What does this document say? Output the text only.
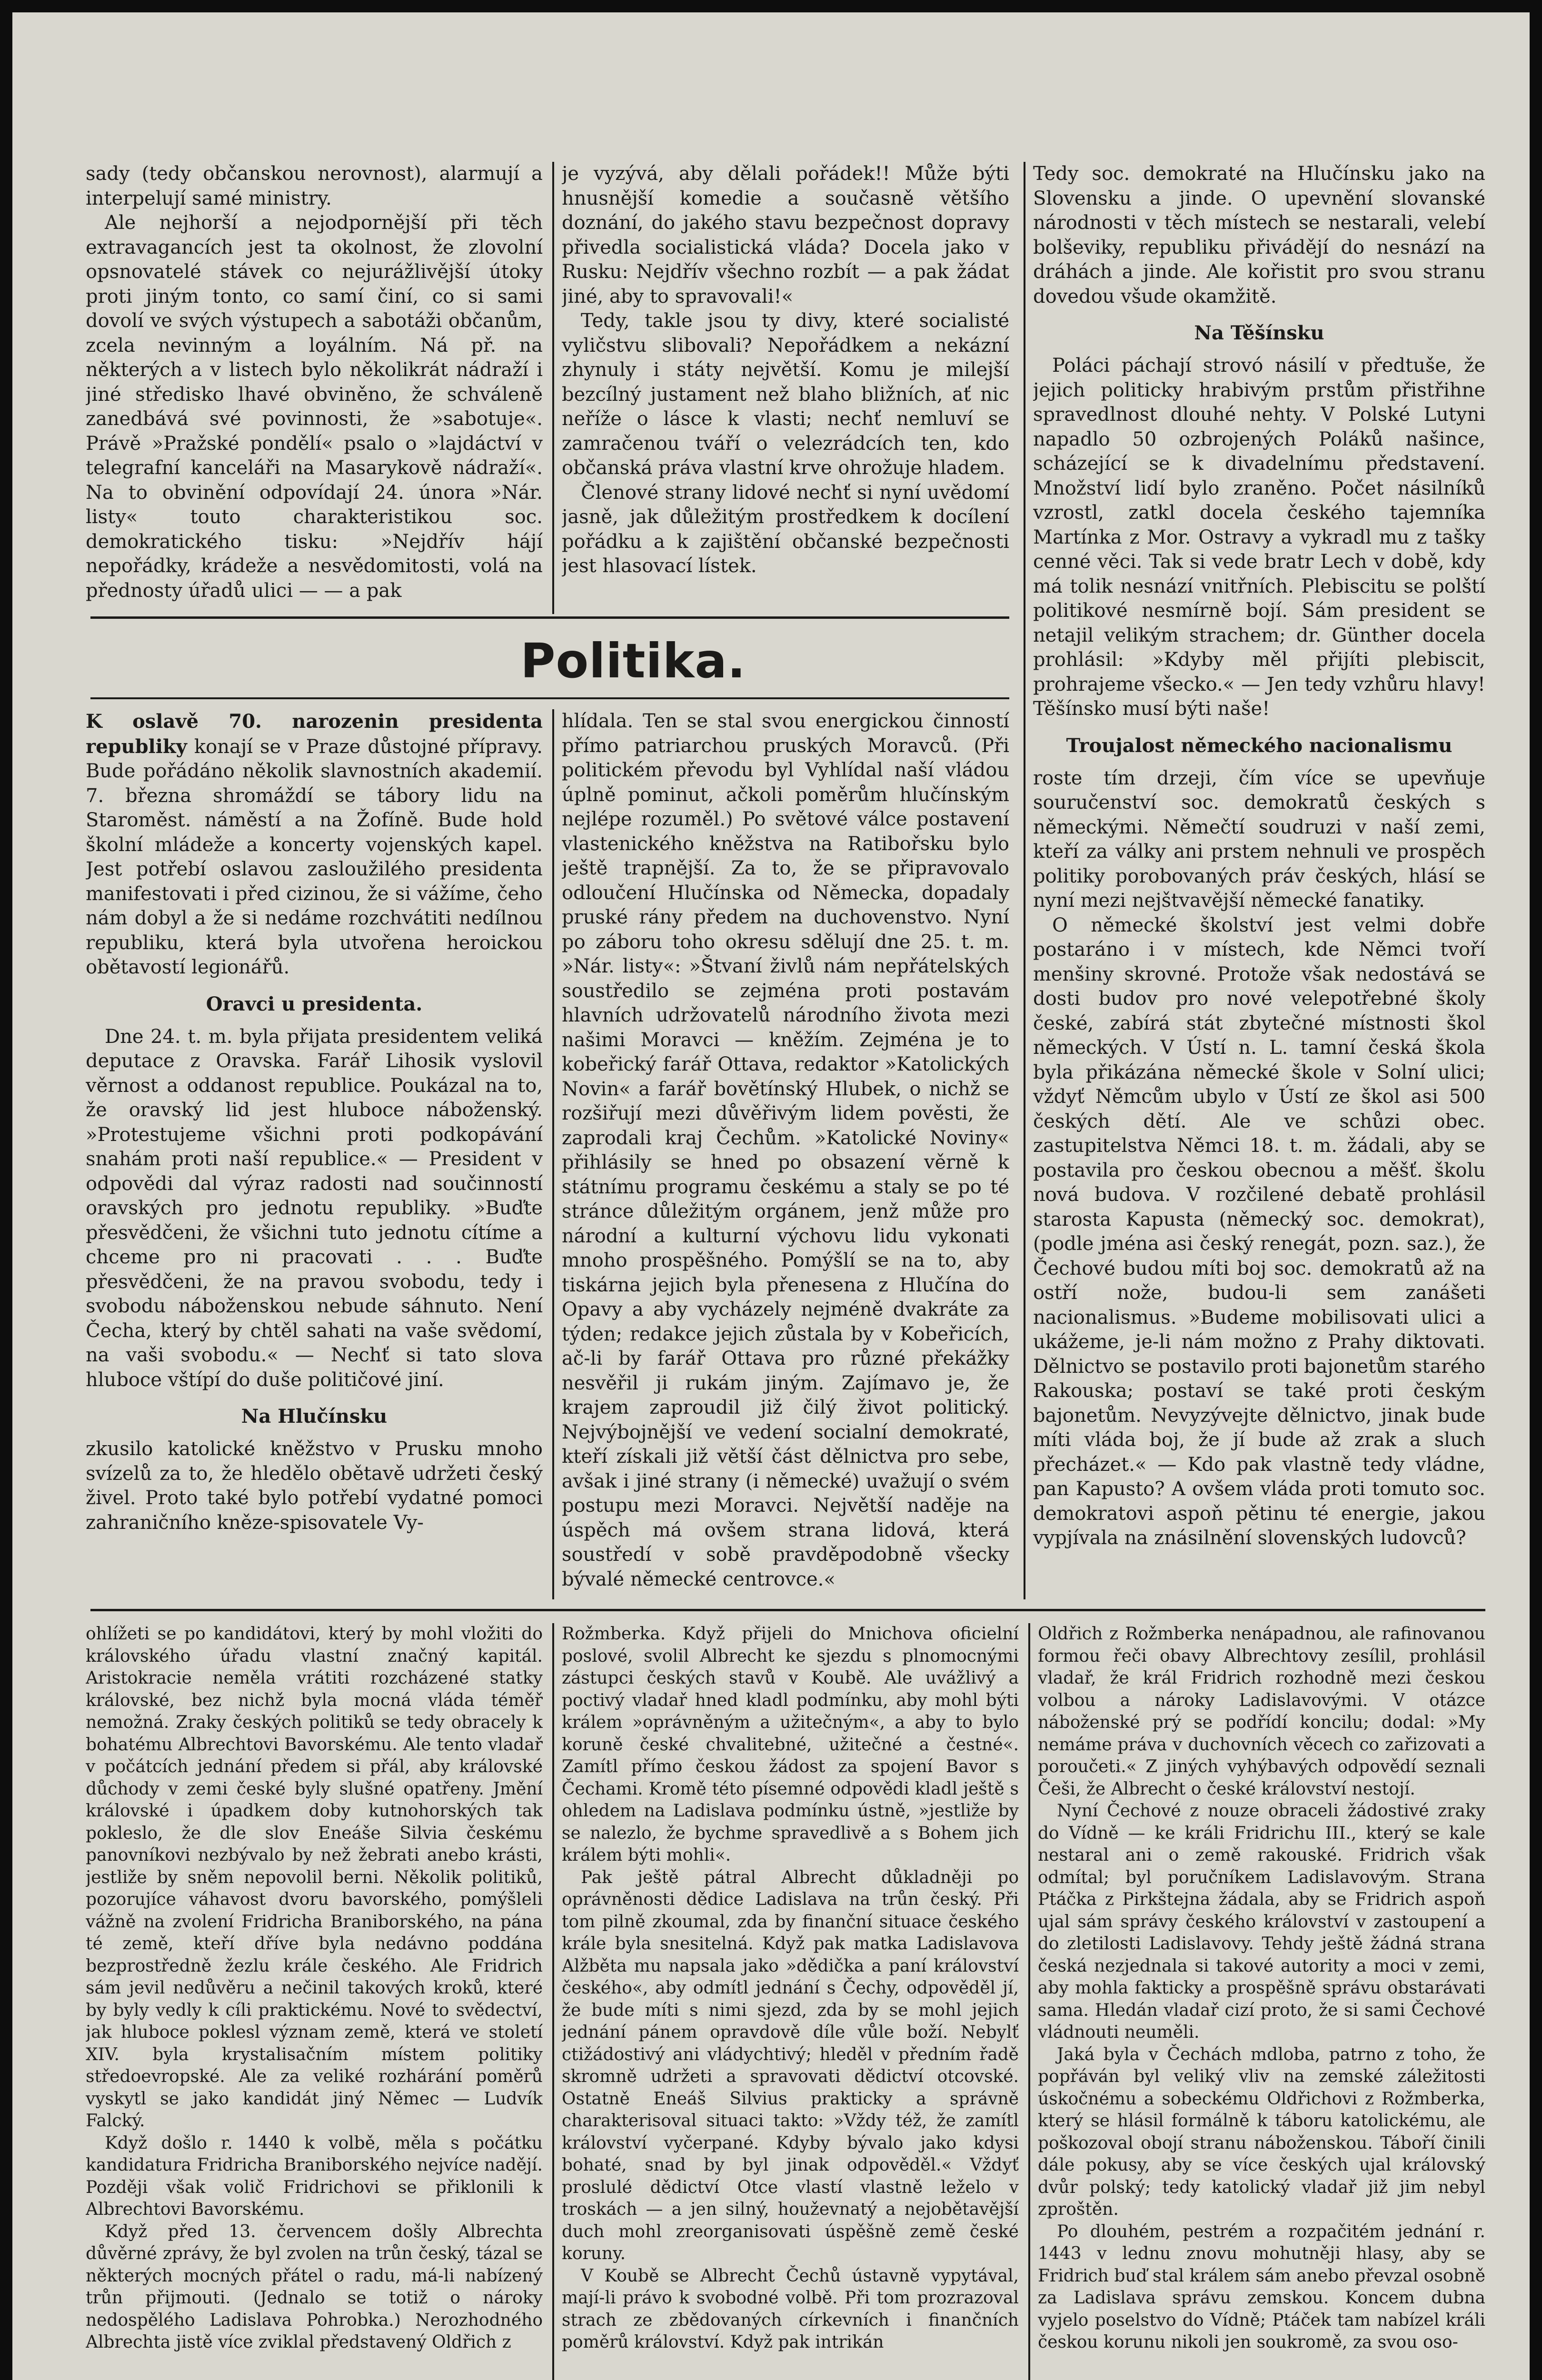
sady (tedy občanskou nerovnost), alarmují a interpelují samé ministry.

Ale nejhorší a nejodpornější při těch extravagancích jest ta okolnost, že zlovolní opsnovatelé stávek co nejurážlivější útoky proti jiným tonto, co samí činí, co si sami dovolí ve svých výstupech a sabotáži občanům, zcela nevinným a loyálním. Ná př. na některých a v listech bylo několikrát nádraží i jiné středisko lhavé obviněno, že schváleně zanedbává své povinnosti, že »sabotuje«. Právě »Pražské pondělí« psalo o »lajdáctví v telegrafní kanceláři na Masarykově nádraží«. Na to obvinění odpovídají 24. února »Nár. listy« touto charakteristikou soc. demokratického tisku: »Nejdřív hájí nepořádky, krádeže a nesvědomitosti, volá na přednosty úřadů ulici — — a pak

je vyzývá, aby dělali pořádek!! Může býti hnusnější komedie a současně většího doznání, do jakého stavu bezpečnost dopravy přivedla socialistická vláda? Docela jako v Rusku: Nejdřív všechno rozbít — a pak žádat jiné, aby to spravovali!«

Tedy, takle jsou ty divy, které socialisté vyličstvu slibovali? Nepořádkem a nekázní zhynuly i státy největší. Komu je milejší bezcílný justament než blaho bližních, ať nic neříže o lásce k vlasti; nechť nemluví se zamračenou tváří o velezrádcích ten, kdo občanská práva vlastní krve ohrožuje hladem.

Členové strany lidové nechť si nyní uvědomí jasně, jak důležitým prostředkem k docílení pořádku a k zajištění občanské bezpečnosti jest hlasovací lístek.

Politika.

Tedy soc. demokraté na Hlučínsku jako na Slovensku a jinde. O upevnění slovanské národnosti v těch místech se nestarali, velebí bolševiky, republiku přivádějí do nesnází na dráhách a jinde. Ale kořistit pro svou stranu dovedou všude okamžitě.

Na Těšínsku

Poláci páchají strovó násilí v předtuše, že jejich politicky hrabivým prstům přistřihne spravedlnost dlouhé nehty. V Polské Lutyni napadlo 50 ozbrojených Poláků našince, scházející se k divadelnímu představení. Množství lidí bylo zraněno. Počet násilníků vzrostl, zatkl docela českého tajemníka Martínka z Mor. Ostravy a vykradl mu z tašky cenné věci. Tak si vede bratr Lech v době, kdy má tolik nesnází vnitřních. Plebiscitu se polští politikové nesmírně bojí. Sám president se netajil velikým strachem; dr. Günther docela prohlásil: »Kdyby měl přijíti plebiscit, prohrajeme všecko.« — Jen tedy vzhůru hlavy! Těšínsko musí býti naše!

Troujalost německého nacionalismu

roste tím drzeji, čím více se upevňuje souručenství soc. demokratů českých s německými. Němečtí soudruzi v naší zemi, kteří za války ani prstem nehnuli ve prospěch politiky porobovaných práv českých, hlásí se nyní mezi nejštvavější německé fanatiky.

O německé školství jest velmi dobře postaráno i v místech, kde Němci tvoří menšiny skrovné. Protože však nedostává se dosti budov pro nové velepotřebné školy české, zabírá stát zbytečné místnosti škol německých. V Ústí n. L. tamní česká škola byla přikázána německé škole v Solní ulici; vždyť Němcům ubylo v Ústí ze škol asi 500 českých dětí. Ale ve schůzi obec. zastupitelstva Němci 18. t. m. žádali, aby se postavila pro českou obecnou a měšť. školu nová budova. V rozčilené debatě prohlásil starosta Kapusta (německý soc. demokrat), (podle jména asi český renegát, pozn. saz.), že Čechové budou míti boj soc. demokratů až na ostří nože, budou-li sem zanášeti nacionalismus. »Budeme mobilisovati ulici a ukážeme, je-li nám možno z Prahy diktovati. Dělnictvo se postavilo proti bajonetům starého Rakouska; postaví se také proti českým bajonetům. Nevyzývejte dělnictvo, jinak bude míti vláda boj, že jí bude až zrak a sluch přecházet.« — Kdo pak vlastně tedy vládne, pan Kapusto? A ovšem vláda proti tomuto soc. demokratovi aspoň pětinu té energie, jakou vypjívala na znásilnění slovenských ludovců?

K oslavě 70. narozenin presidenta republiky konají se v Praze důstojné přípravy. Bude pořádáno několik slavnostních akademií. 7. března shromáždí se tábory lidu na Staroměst. náměstí a na Žofíně. Bude hold školní mládeže a koncerty vojenských kapel. Jest potřebí oslavou zasloužilého presidenta manifestovati i před cizinou, že si vážíme, čeho nám dobyl a že si nedáme rozchvátiti nedílnou republiku, která byla utvořena heroickou obětavostí legionářů.

Oravci u presidenta.

Dne 24. t. m. byla přijata presidentem veliká deputace z Oravska. Farář Lihosik vyslovil věrnost a oddanost republice. Poukázal na to, že oravský lid jest hluboce náboženský. »Protestujeme všichni proti podkopávání snahám proti naší republice.« — President v odpovědi dal výraz radosti nad součinností oravských pro jednotu republiky. »Buďte přesvědčeni, že všichni tuto jednotu cítíme a chceme pro ni pracovati . . . Buďte přesvědčeni, že na pravou svobodu, tedy i svobodu náboženskou nebude sáhnuto. Není Čecha, který by chtěl sahati na vaše svědomí, na vaši svobodu.« — Nechť si tato slova hluboce vštípí do duše političové jiní.

Na Hlučínsku

zkusilo katolické kněžstvo v Prusku mnoho svízelů za to, že hledělo obětavě udržeti český živel. Proto také bylo potřebí vydatné pomoci zahraničního kněze-spisovatele Vy-

hlídala. Ten se stal svou energickou činností přímo patriarchou pruských Moravců. (Při politickém převodu byl Vyhlídal naší vládou úplně pominut, ačkoli poměrům hlučínským nejlépe rozuměl.) Po světové válce postavení vlastenického kněžstva na Ratibořsku bylo ještě trapnější. Za to, že se připravovalo odloučení Hlučínska od Německa, dopadaly pruské rány předem na duchovenstvo. Nyní po záboru toho okresu sdělují dne 25. t. m. »Nár. listy«: »Štvaní živlů nám nepřátelských soustředilo se zejména proti postavám hlavních udržovatelů národního života mezi našimi Moravci — kněžím. Zejména je to kobeřický farář Ottava, redaktor »Katolických Novin« a farář bovětínský Hlubek, o nichž se rozšiřují mezi důvěřivým lidem pověsti, že zaprodali kraj Čechům. »Katolické Noviny« přihlásily se hned po obsazení věrně k státnímu programu českému a staly se po té stránce důležitým orgánem, jenž může pro národní a kulturní výchovu lidu vykonati mnoho prospěšného. Pomýšlí se na to, aby tiskárna jejich byla přenesena z Hlučína do Opavy a aby vycházely nejméně dvakráte za týden; redakce jejich zůstala by v Kobeřicích, ač-li by farář Ottava pro různé překážky nesvěřil ji rukám jiným. Zajímavo je, že krajem zaproudil již čilý život politický. Nejvýbojnější ve vedení socialní demokraté, kteří získali již větší část dělnictva pro sebe, avšak i jiné strany (i německé) uvažují o svém postupu mezi Moravci. Největší naděje na úspěch má ovšem strana lidová, která soustředí v sobě pravděpodobně všecky bývalé německé centrovce.«

ohlížeti se po kandidátovi, který by mohl vložiti do královského úřadu vlastní značný kapitál. Aristokracie neměla vrátiti rozcházené statky královské, bez nichž byla mocná vláda téměř nemožná. Zraky českých politiků se tedy obracely k bohatému Albrechtovi Bavorskému. Ale tento vladař v počátcích jednání předem si přál, aby královské důchody v zemi české byly slušné opatřeny. Jmění královské i úpadkem doby kutnohorských tak pokleslo, že dle slov Eneáše Silvia českému panovníkovi nezbývalo by než žebrati anebo krásti, jestliže by sněm nepovolil berni. Několik politiků, pozorujíce váhavost dvoru bavorského, pomýšleli vážně na zvolení Fridricha Braniborského, na pána té země, kteří dříve byla nedávno poddána bezprostředně žezlu krále českého. Ale Fridrich sám jevil nedůvěru a nečinil takových kroků, které by byly vedly k cíli praktickému. Nové to svědectví, jak hluboce poklesl význam země, která ve století XIV. byla krystalisačním místem politiky středoevropské. Ale za veliké rozhárání poměrů vyskytl se jako kandidát jiný Němec — Ludvík Falcký.

Když došlo r. 1440 k volbě, měla s počátku kandidatura Fridricha Braniborského nejvíce nadějí. Později však volič Fridrichovi se přiklonili k Albrechtovi Bavorskému.

Když před 13. červencem došly Albrechta důvěrné zprávy, že byl zvolen na trůn český, tázal se některých mocných přátel o radu, má-li nabízený trůn přijmouti. (Jednalo se totiž o nároky nedospělého Ladislava Pohrobka.) Nerozhodného Albrechta jistě více zviklal představený Oldřich z

Rožmberka. Když přijeli do Mnichova oficielní poslové, svolil Albrecht ke sjezdu s plnomocnými zástupci českých stavů v Koubě. Ale uvážlivý a poctivý vladař hned kladl podmínku, aby mohl býti králem »oprávněným a užitečným«, a aby to bylo koruně české chvalitebné, užitečné a čestné«. Zamítl přímo českou žádost za spojení Bavor s Čechami. Kromě této písemné odpovědi kladl ještě s ohledem na Ladislava podmínku ústně, »jestliže by se nalezlo, že bychme spravedlivě a s Bohem jich králem býti mohli«.

Pak ještě pátral Albrecht důkladněji po oprávněnosti dědice Ladislava na trůn český. Při tom pilně zkoumal, zda by finanční situace českého krále byla snesitelná. Když pak matka Ladislavova Alžběta mu napsala jako »dědička a paní království českého«, aby odmítl jednání s Čechy, odpověděl jí, že bude míti s nimi sjezd, zda by se mohl jejich jednání pánem opravdově díle vůle boží. Nebylť ctižádostivý ani vládychtivý; hleděl v předním řadě skromně udržeti a spravovati dědictví otcovské. Ostatně Eneáš Silvius prakticky a správně charakterisoval situaci takto: »Vždy též, že zamítl království vyčerpané. Kdyby bývalo jako kdysi bohaté, snad by byl jinak odpověděl.« Vždyť proslulé dědictví Otce vlastí vlastně leželo v troskách — a jen silný, houževnatý a nejobětavější duch mohl zreorganisovati úspěšně země české koruny.

V Koubě se Albrecht Čechů ústavně vypytával, mají-li právo k svobodné volbě. Při tom prozrazoval strach ze zbědovaných církevních i finančních poměrů království. Když pak intrikán

Oldřich z Rožmberka nenápadnou, ale rafinovanou formou řeči obavy Albrechtovy zesílil, prohlásil vladař, že král Fridrich rozhodně mezi českou volbou a nároky Ladislavovými. V otázce náboženské prý se podřídí koncilu; dodal: »My nemáme práva v duchovních věcech co zařizovati a poroučeti.« Z jiných vyhýbavých odpovědí seznali Češi, že Albrecht o české království nestojí.

Nyní Čechové z nouze obraceli žádostivé zraky do Vídně — ke králi Fridrichu III., který se kale nestaral ani o země rakouské. Fridrich však odmítal; byl poručníkem Ladislavovým. Strana Ptáčka z Pirkštejna žádala, aby se Fridrich aspoň ujal sám správy českého království v zastoupení a do zletilosti Ladislavovy. Tehdy ještě žádná strana česká nezjednala si takové autority a moci v zemi, aby mohla fakticky a prospěšně správu obstarávati sama. Hledán vladař cizí proto, že si sami Čechové vládnouti neuměli.

Jaká byla v Čechách mdloba, patrno z toho, že popřáván byl veliký vliv na zemské záležitosti úskočnému a sobeckému Oldřichovi z Rožmberka, který se hlásil formálně k táboru katolickému, ale poškozoval obojí stranu náboženskou. Táboří činili dále pokusy, aby se více českých ujal královský dvůr polský; tedy katolický vladař již jim nebyl zproštěn.

Po dlouhém, pestrém a rozpačitém jednání r. 1443 v lednu znovu mohutněji hlasy, aby se Fridrich buď stal králem sám anebo převzal osobně za Ladislava správu zemskou. Koncem dubna vyjelo poselstvo do Vídně; Ptáček tam nabízel králi českou korunu nikoli jen soukromě, za svou oso-
